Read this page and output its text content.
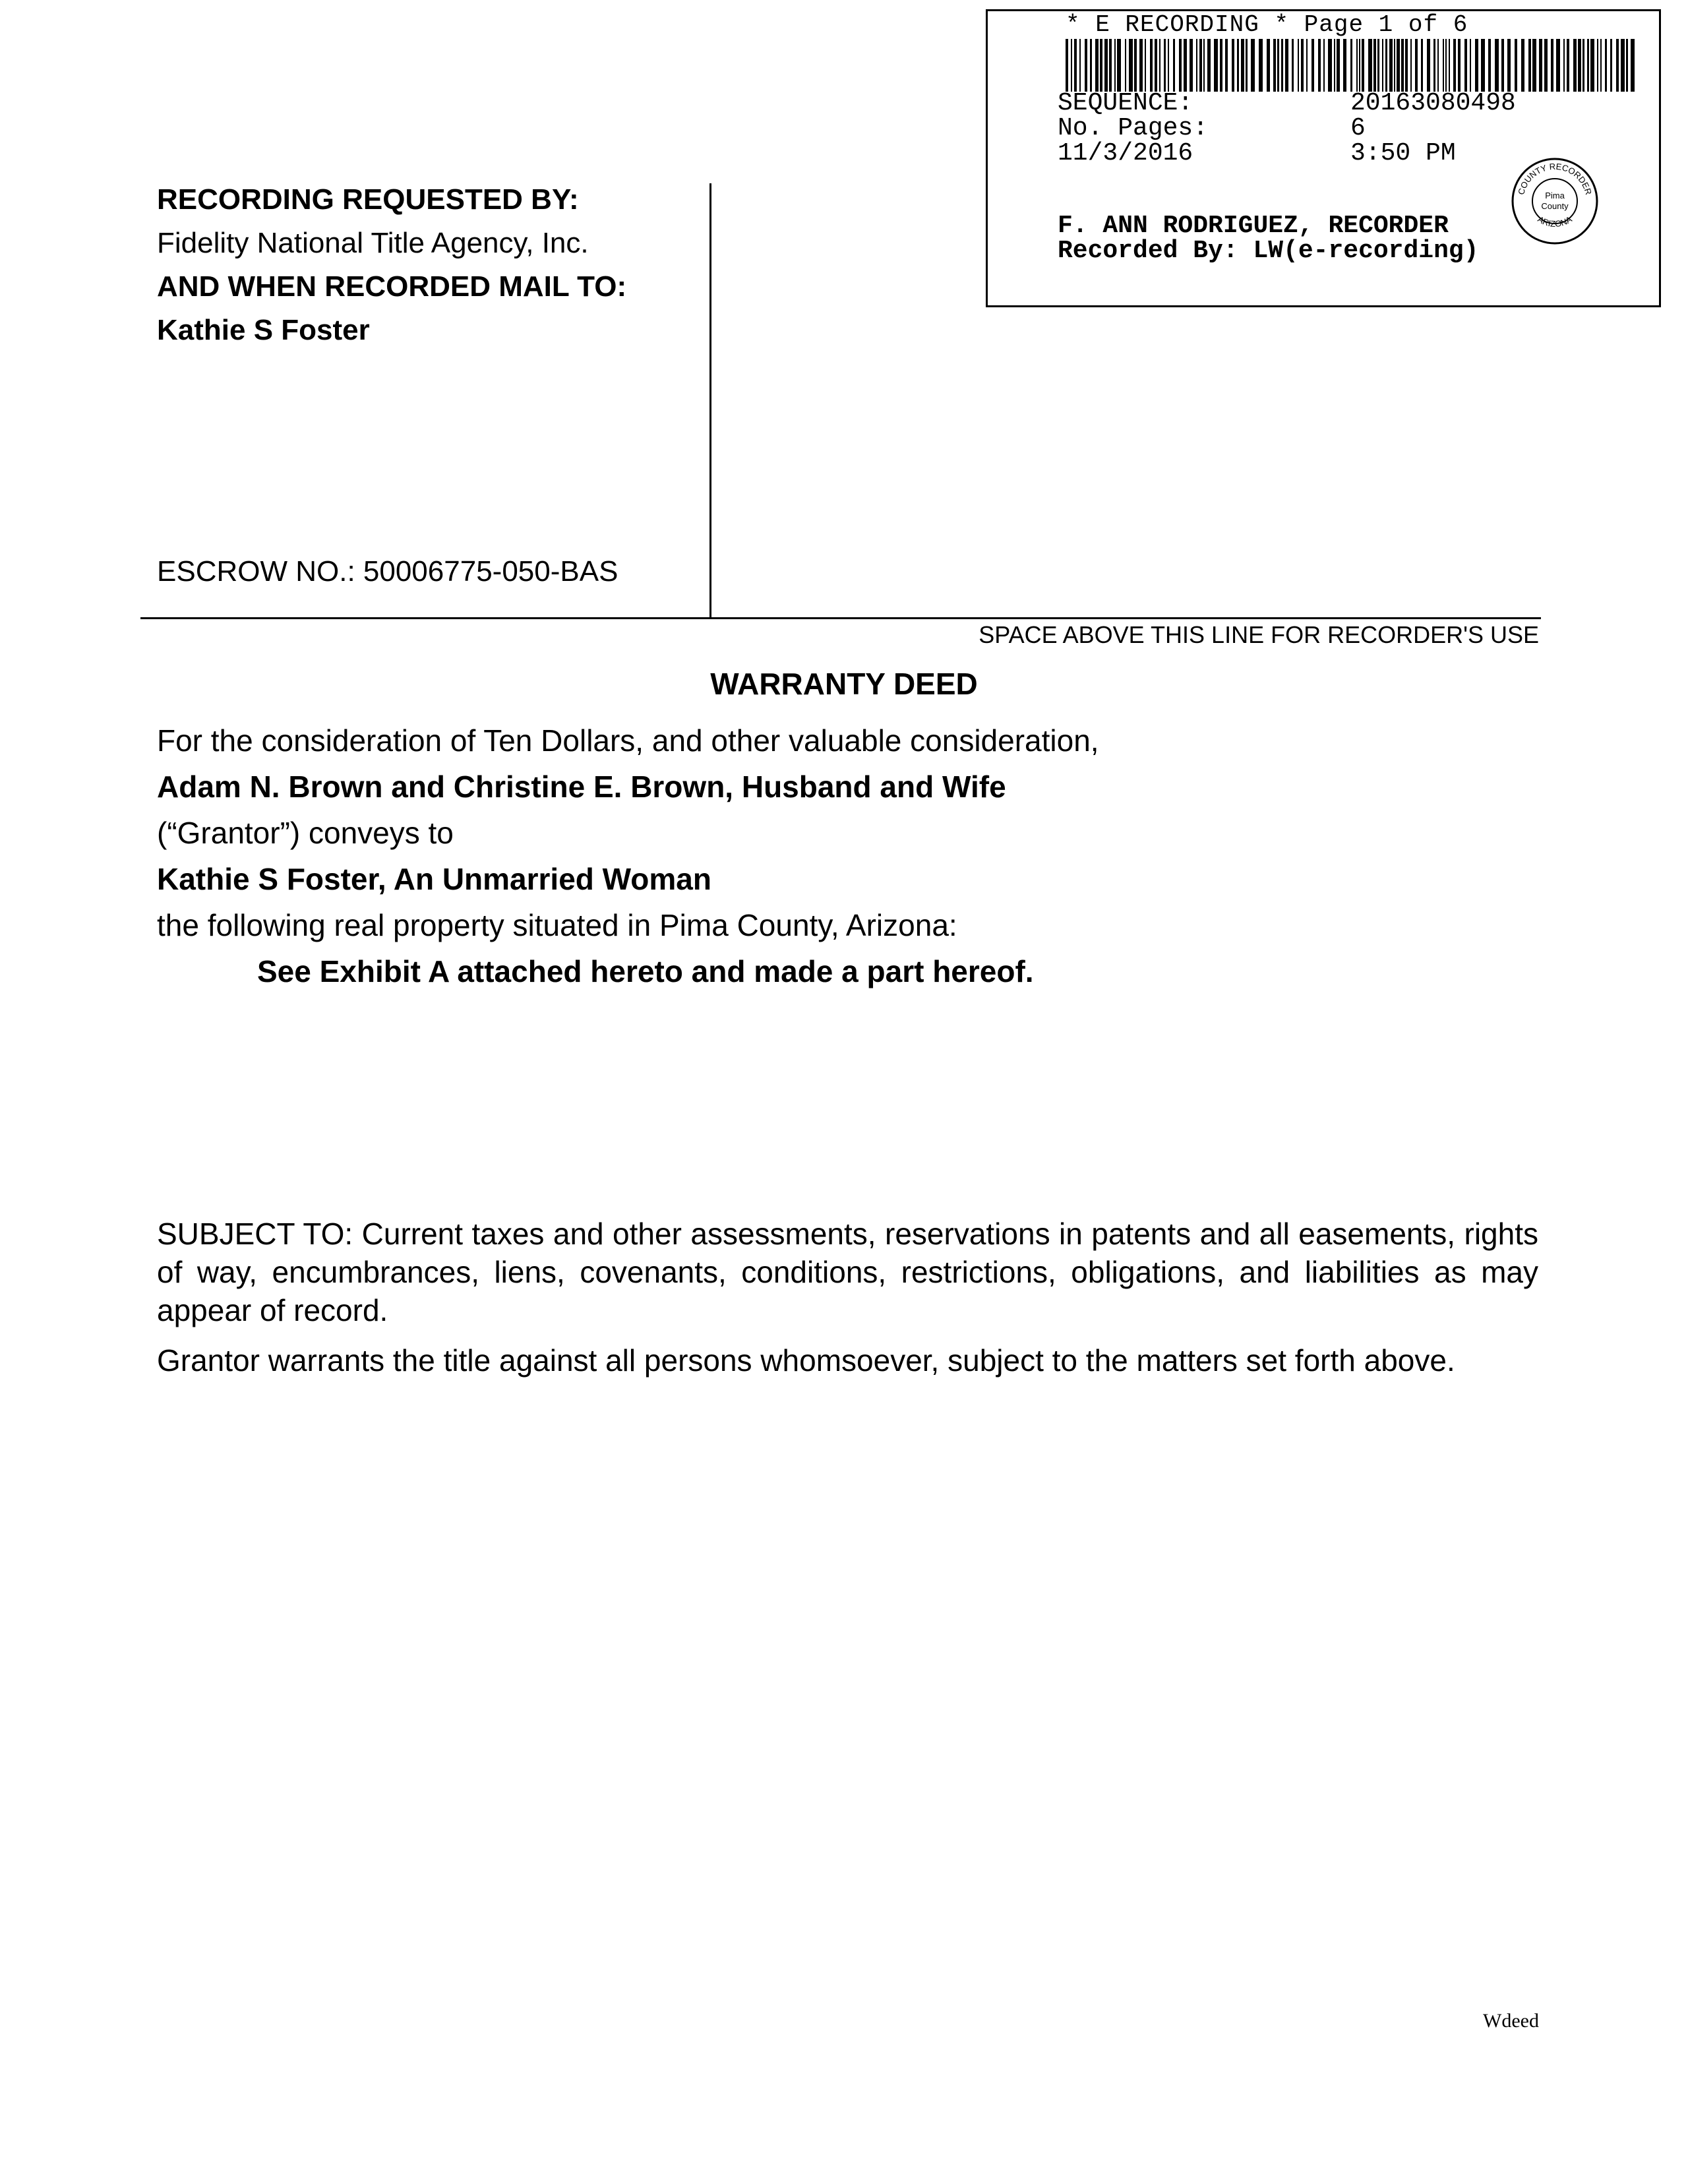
* E RECORDING * Page 1 of 6
SEQUENCE:	20163080498
No. Pages:	6
11/3/2016	3:50 PM
F. ANN RODRIGUEZ, RECORDER
Recorded By: LW(e-recording)
COUNTY RECORDER
ARIZONA
Pima
County
RECORDING REQUESTED BY:
Fidelity National Title Agency, Inc.
AND WHEN RECORDED MAIL TO:
Kathie S Foster
ESCROW NO.: 50006775-050-BAS
SPACE ABOVE THIS LINE FOR RECORDER'S USE
WARRANTY DEED
For the consideration of Ten Dollars, and other valuable consideration,
Adam N. Brown and Christine E. Brown, Husband and Wife
(“Grantor”) conveys to
Kathie S Foster, An Unmarried Woman
the following real property situated in Pima County, Arizona:
See Exhibit A attached hereto and made a part hereof.
SUBJECT TO: Current taxes and other assessments, reservations in patents and all easements, rights of way, encumbrances, liens, covenants, conditions, restrictions, obligations, and liabilities as may appear of record.
Grantor warrants the title against all persons whomsoever, subject to the matters set forth above.
Wdeed
